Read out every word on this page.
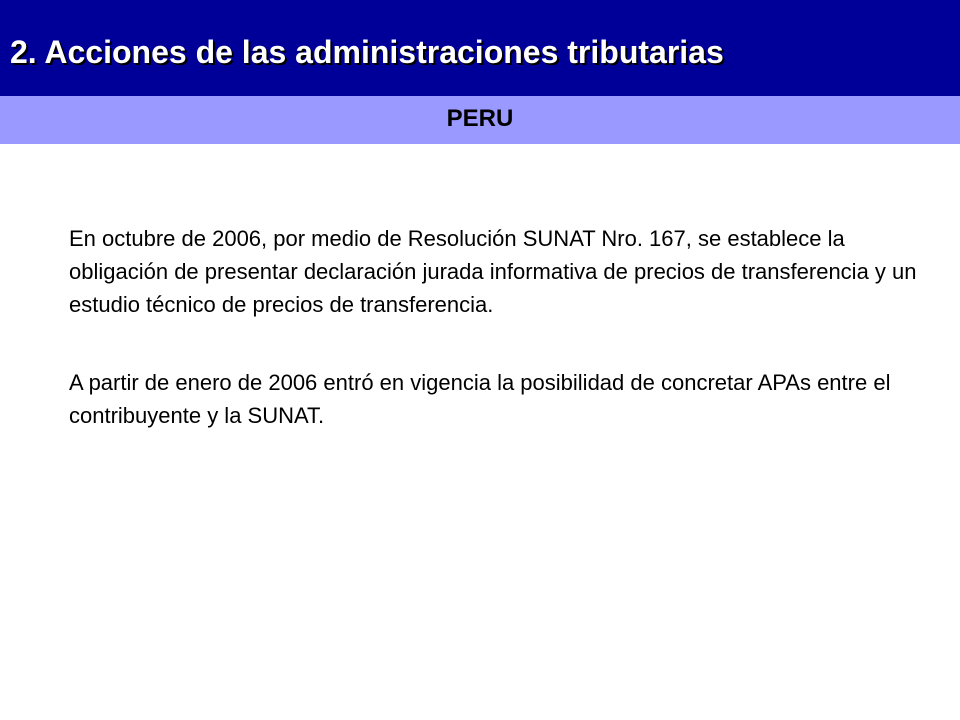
2. Acciones de las administraciones tributarias
PERU

En octubre de 2006, por medio de Resolución SUNAT Nro. 167, se establece la obligación de presentar declaración jurada informativa de precios de transferencia y un estudio técnico de precios de transferencia.

A partir de enero de 2006 entró en vigencia la posibilidad de concretar APAs entre el contribuyente y la SUNAT.
